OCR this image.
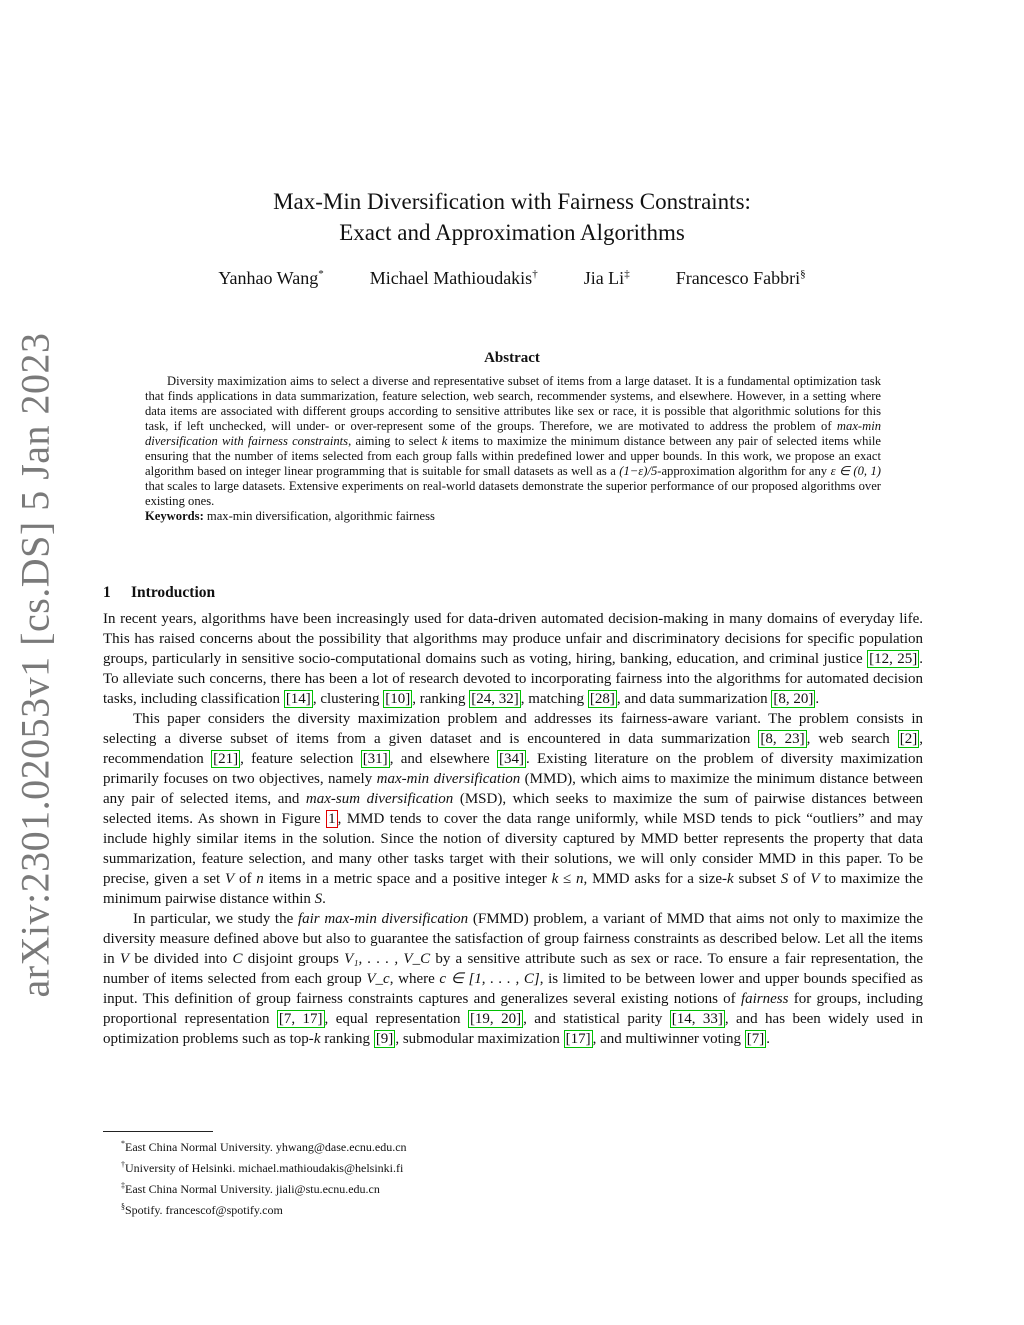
arXiv:2301.02053v1 [cs.DS] 5 Jan 2023
Max-Min Diversification with Fairness Constraints:
Exact and Approximation Algorithms
Yanhao Wang*	Michael Mathioudakis†	Jia Li‡	Francesco Fabbri§
Abstract

Diversity maximization aims to select a diverse and representative subset of items from a large dataset. It is a fundamental optimization task that finds applications in data summarization, feature selection, web search, recommender systems, and elsewhere. However, in a setting where data items are associated with different groups according to sensitive attributes like sex or race, it is possible that algorithmic solutions for this task, if left unchecked, will under- or over-represent some of the groups. Therefore, we are motivated to address the problem of max-min diversification with fairness constraints, aiming to select k items to maximize the minimum distance between any pair of selected items while ensuring that the number of items selected from each group falls within predefined lower and upper bounds. In this work, we propose an exact algorithm based on integer linear programming that is suitable for small datasets as well as a (1−ε)/5-approximation algorithm for any ε ∈ (0, 1) that scales to large datasets. Extensive experiments on real-world datasets demonstrate the superior performance of our proposed algorithms over existing ones.

Keywords: max-min diversification, algorithmic fairness
1 Introduction

In recent years, algorithms have been increasingly used for data-driven automated decision-making in many domains of everyday life. This has raised concerns about the possibility that algorithms may produce unfair and discriminatory decisions for specific population groups, particularly in sensitive socio-computational domains such as voting, hiring, banking, education, and criminal justice [12, 25] . To alleviate such concerns, there has been a lot of research devoted to incorporating fairness into the algorithms for automated decision tasks, including classification [14] , clustering [10] , ranking [24, 32] , matching [28] , and data summarization [8, 20] .

This paper considers the diversity maximization problem and addresses its fairness-aware variant. The problem consists in selecting a diverse subset of items from a given dataset and is encountered in data summarization [8, 23] , web search [2] , recommendation [21] , feature selection [31] , and elsewhere [34] . Existing literature on the problem of diversity maximization primarily focuses on two objectives, namely max-min diversification (MMD), which aims to maximize the minimum distance between any pair of selected items, and max-sum diversification (MSD), which seeks to maximize the sum of pairwise distances between selected items. As shown in Figure 1 , MMD tends to cover the data range uniformly, while MSD tends to pick “outliers” and may include highly similar items in the solution. Since the notion of diversity captured by MMD better represents the property that data summarization, feature selection, and many other tasks target with their solutions, we will only consider MMD in this paper. To be precise, given a set V of n items in a metric space and a positive integer k ≤ n, MMD asks for a size-k subset S of V to maximize the minimum pairwise distance within S.

In particular, we study the fair max-min diversification (FMMD) problem, a variant of MMD that aims not only to maximize the diversity measure defined above but also to guarantee the satisfaction of group fairness constraints as described below. Let all the items in V be divided into C disjoint groups V₁, . . . , V_C by a sensitive attribute such as sex or race. To ensure a fair representation, the number of items selected from each group V_c, where c ∈ [1, . . . , C], is limited to be between lower and upper bounds specified as input. This definition of group fairness constraints captures and generalizes several existing notions of fairness for groups, including proportional representation [7, 17] , equal representation [19, 20] , and statistical parity [14, 33] , and has been widely used in optimization problems such as top-k ranking [9] , submodular maximization [17] , and multiwinner voting [7] .

*East China Normal University. yhwang@dase.ecnu.edu.cn
†University of Helsinki. michael.mathioudakis@helsinki.fi
‡East China Normal University. jiali@stu.ecnu.edu.cn
§Spotify. francescof@spotify.com
